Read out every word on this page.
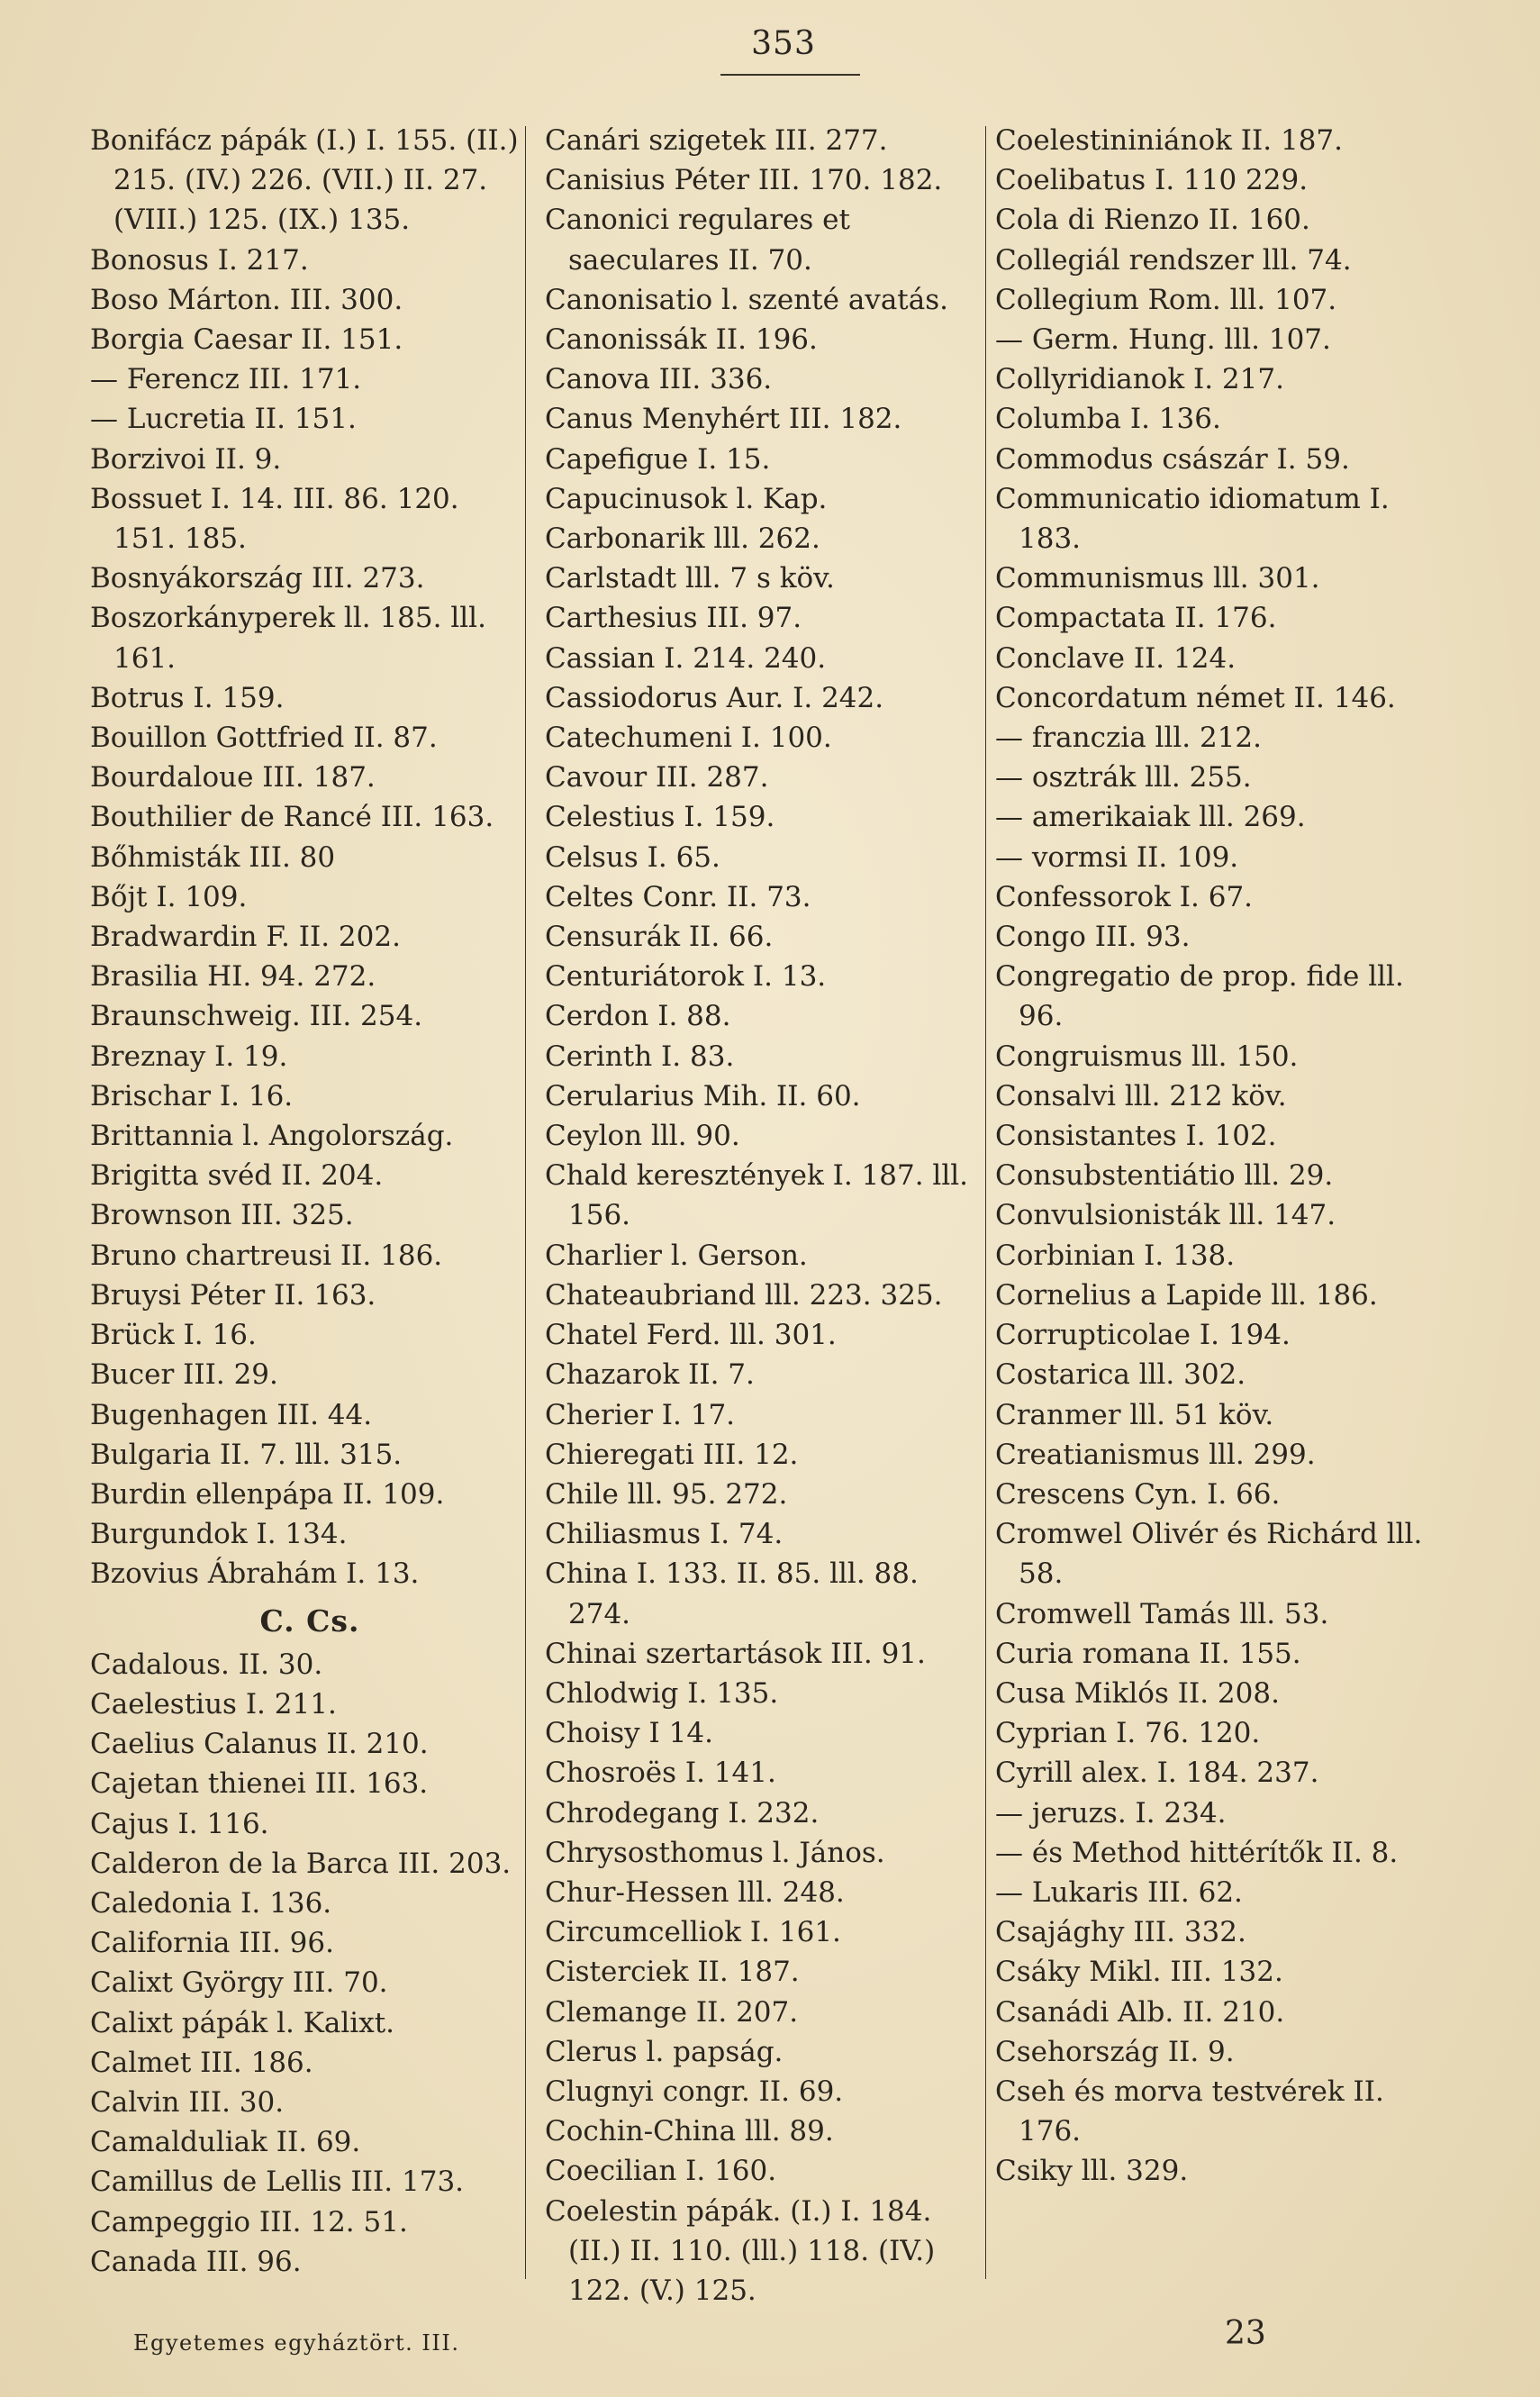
353
Bonifácz pápák (I.) I. 155. (II.) 215. (IV.) 226. (VII.) II. 27. (VIII.) 125. (IX.) 135.
Bonosus I. 217.
Boso Márton. III. 300.
Borgia Caesar II. 151.
— Ferencz III. 171.
— Lucretia II. 151.
Borzivoi II. 9.
Bossuet I. 14. III. 86. 120. 151. 185.
Bosnyákország III. 273.
Boszorkányperek ll. 185. lll. 161.
Botrus I. 159.
Bouillon Gottfried II. 87.
Bourdaloue III. 187.
Bouthilier de Rancé III. 163.
Bőhmisták III. 80
Bőjt I. 109.
Bradwardin F. II. 202.
Brasilia HI. 94. 272.
Braunschweig. III. 254.
Breznay I. 19.
Brischar I. 16.
Brittannia l. Angolország.
Brigitta svéd II. 204.
Brownson III. 325.
Bruno chartreusi II. 186.
Bruysi Péter II. 163.
Brück I. 16.
Bucer III. 29.
Bugenhagen III. 44.
Bulgaria II. 7. lll. 315.
Burdin ellenpápa II. 109.
Burgundok I. 134.
Bzovius Ábrahám I. 13.
C. Cs.
Cadalous. II. 30.
Caelestius I. 211.
Caelius Calanus II. 210.
Cajetan thienei III. 163.
Cajus I. 116.
Calderon de la Barca III. 203.
Caledonia I. 136.
California III. 96.
Calixt György III. 70.
Calixt pápák l. Kalixt.
Calmet III. 186.
Calvin III. 30.
Camalduliak II. 69.
Camillus de Lellis III. 173.
Campeggio III. 12. 51.
Canada III. 96.
Canári szigetek III. 277.
Canisius Péter III. 170. 182.
Canonici regulares et saeculares II. 70.
Canonisatio l. szenté avatás.
Canonissák II. 196.
Canova III. 336.
Canus Menyhért III. 182.
Capefigue I. 15.
Capucinusok l. Kap.
Carbonarik lll. 262.
Carlstadt lll. 7 s köv.
Carthesius III. 97.
Cassian I. 214. 240.
Cassiodorus Aur. I. 242.
Catechumeni I. 100.
Cavour III. 287.
Celestius I. 159.
Celsus I. 65.
Celtes Conr. II. 73.
Censurák II. 66.
Centuriátorok I. 13.
Cerdon I. 88.
Cerinth I. 83.
Cerularius Mih. II. 60.
Ceylon lll. 90.
Chald keresztények I. 187. lll. 156.
Charlier l. Gerson.
Chateaubriand lll. 223. 325.
Chatel Ferd. lll. 301.
Chazarok II. 7.
Cherier I. 17.
Chieregati III. 12.
Chile lll. 95. 272.
Chiliasmus I. 74.
China I. 133. II. 85. lll. 88. 274.
Chinai szertartások III. 91.
Chlodwig I. 135.
Choisy I 14.
Chosroës I. 141.
Chrodegang I. 232.
Chrysosthomus l. János.
Chur-Hessen lll. 248.
Circumcelliok I. 161.
Cisterciek II. 187.
Clemange II. 207.
Clerus l. papság.
Clugnyi congr. II. 69.
Cochin-China lll. 89.
Coecilian I. 160.
Coelestin pápák. (I.) I. 184. (II.) II. 110. (lll.) 118. (IV.) 122. (V.) 125.
Coelestininiánok II. 187.
Coelibatus I. 110 229.
Cola di Rienzo II. 160.
Collegiál rendszer lll. 74.
Collegium Rom. lll. 107.
— Germ. Hung. lll. 107.
Collyridianok I. 217.
Columba I. 136.
Commodus császár I. 59.
Communicatio idiomatum I. 183.
Communismus lll. 301.
Compactata II. 176.
Conclave II. 124.
Concordatum német II. 146.
— franczia lll. 212.
— osztrák lll. 255.
— amerikaiak lll. 269.
— vormsi II. 109.
Confessorok I. 67.
Congo III. 93.
Congregatio de prop. fide lll. 96.
Congruismus lll. 150.
Consalvi lll. 212 köv.
Consistantes I. 102.
Consubstentiátio lll. 29.
Convulsionisták lll. 147.
Corbinian I. 138.
Cornelius a Lapide lll. 186.
Corrupticolae I. 194.
Costarica lll. 302.
Cranmer lll. 51 köv.
Creatianismus lll. 299.
Crescens Cyn. I. 66.
Cromwel Olivér és Richárd lll. 58.
Cromwell Tamás lll. 53.
Curia romana II. 155.
Cusa Miklós II. 208.
Cyprian I. 76. 120.
Cyrill alex. I. 184. 237.
— jeruzs. I. 234.
— és Method hittérítők II. 8.
— Lukaris III. 62.
Csajághy III. 332.
Csáky Mikl. III. 132.
Csanádi Alb. II. 210.
Csehország II. 9.
Cseh és morva testvérek II. 176.
Csiky lll. 329.
Egyetemes egyháztört. III.	23
